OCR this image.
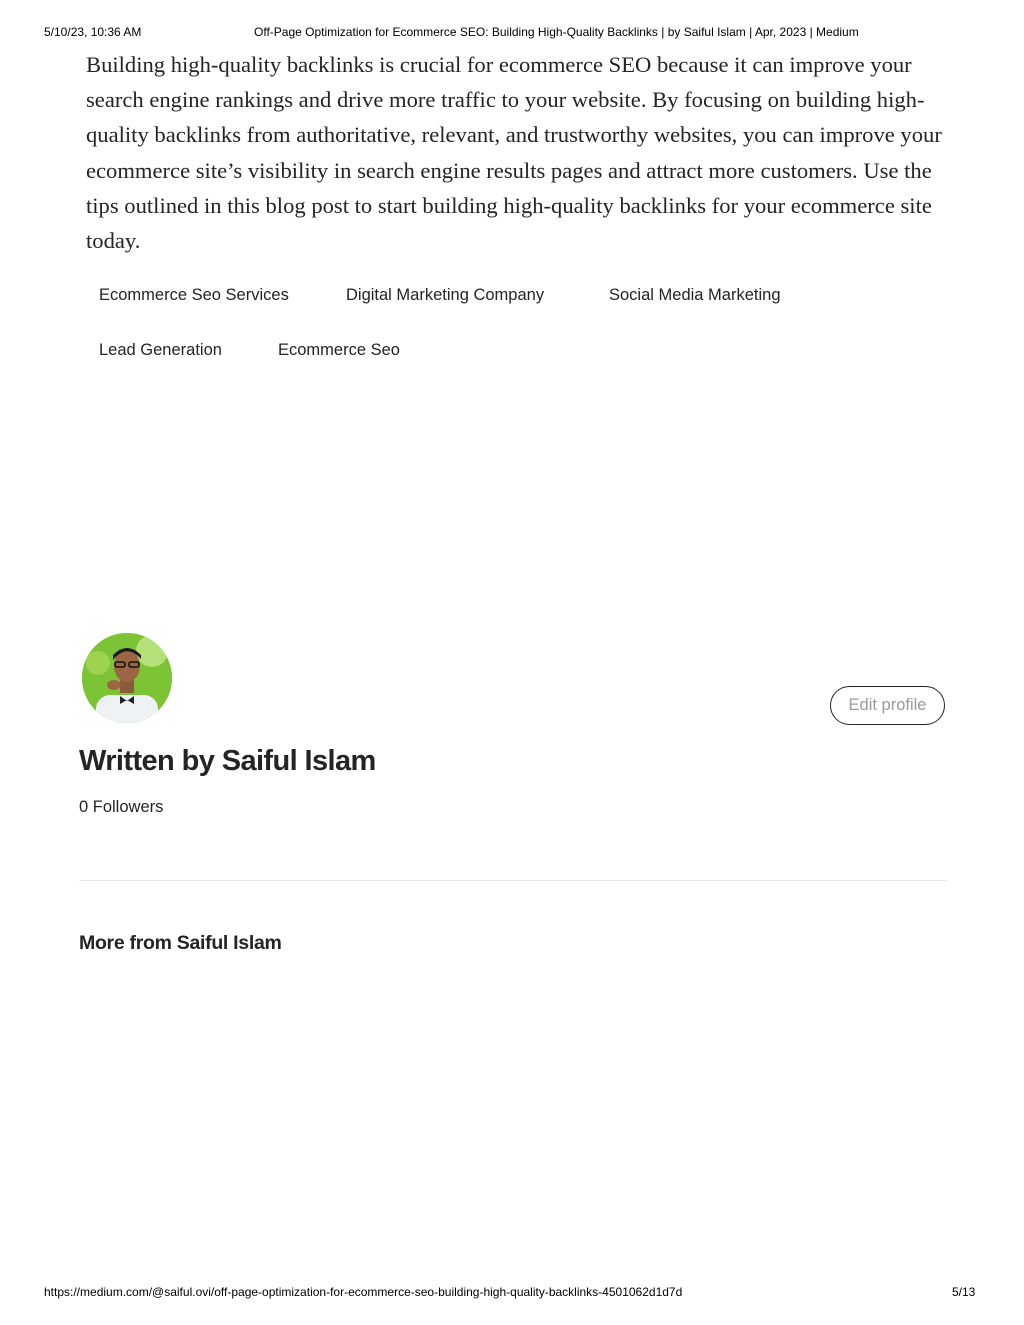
5/10/23, 10:36 AM	Off-Page Optimization for Ecommerce SEO: Building High-Quality Backlinks | by Saiful Islam | Apr, 2023 | Medium

Building high-quality backlinks is crucial for ecommerce SEO because it can improve your search engine rankings and drive more traffic to your website. By focusing on building high-quality backlinks from authoritative, relevant, and trustworthy websites, you can improve your ecommerce site’s visibility in search engine results pages and attract more customers. Use the tips outlined in this blog post to start building high-quality backlinks for your ecommerce site today.

Ecommerce Seo Services	Digital Marketing Company	Social Media Marketing
Lead Generation	Ecommerce Seo
Edit profile
Written by Saiful Islam
0 Followers
More from Saiful Islam
https://medium.com/@saiful.ovi/off-page-optimization-for-ecommerce-seo-building-high-quality-backlinks-4501062d1d7d	5/13
